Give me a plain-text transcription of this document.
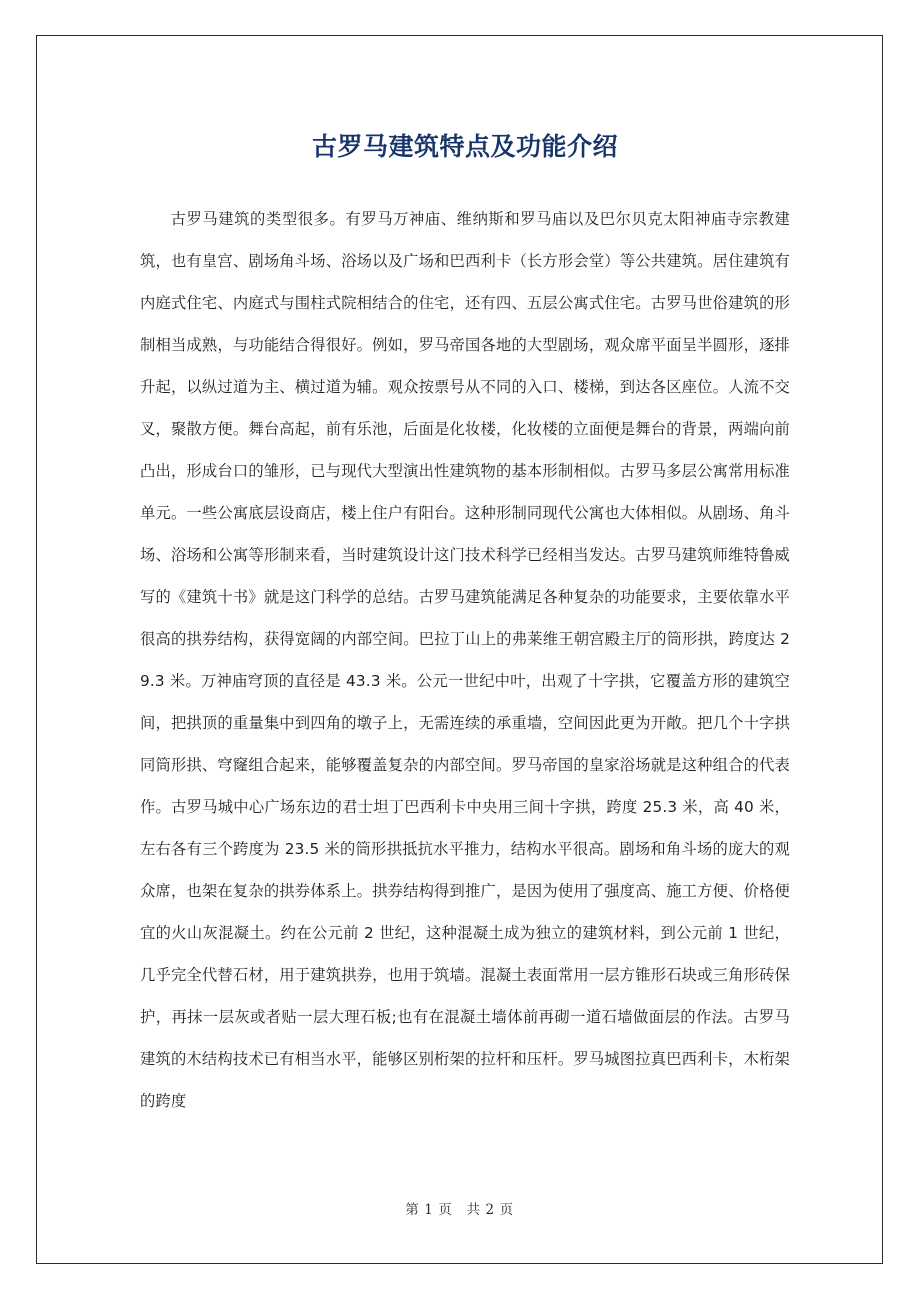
古罗马建筑特点及功能介绍

古罗马建筑的类型很多。有罗马万神庙、维纳斯和罗马庙以及巴尔贝克太阳神庙寺宗教建筑，也有皇宫、剧场角斗场、浴场以及广场和巴西利卡（长方形会堂）等公共建筑。居住建筑有内庭式住宅、内庭式与围柱式院相结合的住宅，还有四、五层公寓式住宅。古罗马世俗建筑的形制相当成熟，与功能结合得很好。例如，罗马帝国各地的大型剧场，观众席平面呈半圆形，逐排升起，以纵过道为主、横过道为辅。观众按票号从不同的入口、楼梯，到达各区座位。人流不交叉，聚散方便。舞台高起，前有乐池，后面是化妆楼，化妆楼的立面便是舞台的背景，两端向前凸出，形成台口的雏形，已与现代大型演出性建筑物的基本形制相似。古罗马多层公寓常用标准单元。一些公寓底层设商店，楼上住户有阳台。这种形制同现代公寓也大体相似。从剧场、角斗场、浴场和公寓等形制来看，当时建筑设计这门技术科学已经相当发达。古罗马建筑师维特鲁威写的《建筑十书》就是这门科学的总结。古罗马建筑能满足各种复杂的功能要求，主要依靠水平很高的拱券结构，获得宽阔的内部空间。巴拉丁山上的弗莱维王朝宫殿主厅的筒形拱，跨度达 29.3 米。万神庙穹顶的直径是 43.3 米。公元一世纪中叶，出观了十字拱，它覆盖方形的建筑空间，把拱顶的重量集中到四角的墩子上，无需连续的承重墙，空间因此更为开敞。把几个十字拱同筒形拱、穹窿组合起来，能够覆盖复杂的内部空间。罗马帝国的皇家浴场就是这种组合的代表作。古罗马城中心广场东边的君士坦丁巴西利卡中央用三间十字拱，跨度 25.3 米，高 40 米，左右各有三个跨度为 23.5 米的筒形拱抵抗水平推力，结构水平很高。剧场和角斗场的庞大的观众席，也架在复杂的拱券体系上。拱券结构得到推广，是因为使用了强度高、施工方便、价格便宜的火山灰混凝土。约在公元前 2 世纪，这种混凝土成为独立的建筑材料，到公元前 1 世纪，几乎完全代替石材，用于建筑拱券，也用于筑墙。混凝土表面常用一层方锥形石块或三角形砖保护，再抹一层灰或者贴一层大理石板;也有在混凝土墙体前再砌一道石墙做面层的作法。古罗马建筑的木结构技术已有相当水平，能够区别桁架的拉杆和压杆。罗马城图拉真巴西利卡，木桁架的跨度

第 1 页　共 2 页
